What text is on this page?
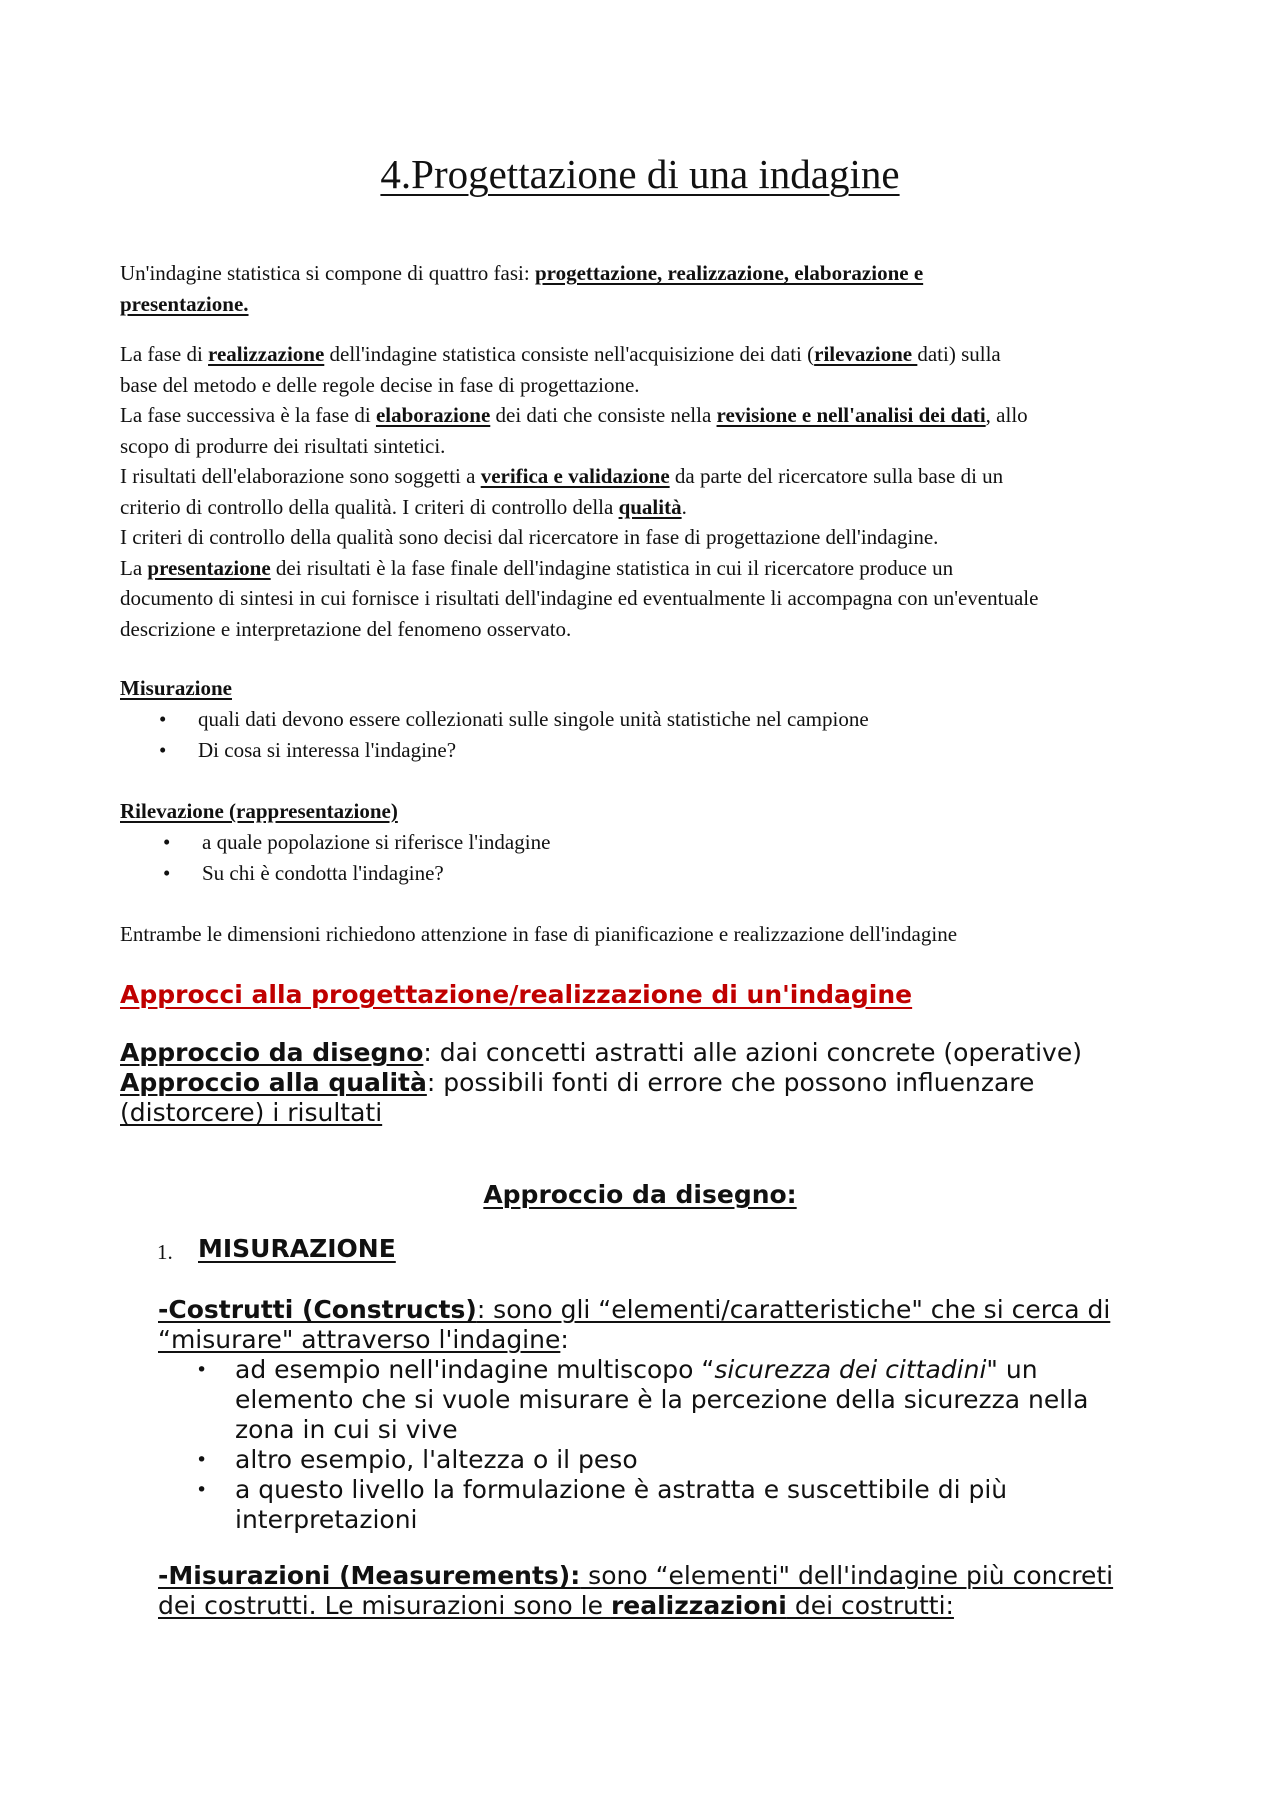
4.Progettazione di una indagine
Un'indagine statistica si compone di quattro fasi: progettazione, realizzazione, elaborazione e
presentazione.
La fase di realizzazione dell'indagine statistica consiste nell'acquisizione dei dati (rilevazione dati) sulla
base del metodo e delle regole decise in fase di progettazione.
La fase successiva è la fase di elaborazione dei dati che consiste nella revisione e nell'analisi dei dati, allo
scopo di produrre dei risultati sintetici.
I risultati dell'elaborazione sono soggetti a verifica e validazione da parte del ricercatore sulla base di un
criterio di controllo della qualità. I criteri di controllo della qualità.
I criteri di controllo della qualità sono decisi dal ricercatore in fase di progettazione dell'indagine.
La presentazione dei risultati è la fase finale dell'indagine statistica in cui il ricercatore produce un
documento di sintesi in cui fornisce i risultati dell'indagine ed eventualmente li accompagna con un'eventuale
descrizione e interpretazione del fenomeno osservato.
Misurazione
• quali dati devono essere collezionati sulle singole unità statistiche nel campione
• Di cosa si interessa l'indagine?
Rilevazione (rappresentazione)
• a quale popolazione si riferisce l'indagine
• Su chi è condotta l'indagine?
Entrambe le dimensioni richiedono attenzione in fase di pianificazione e realizzazione dell'indagine
Approcci alla progettazione/realizzazione di un'indagine
Approccio da disegno: dai concetti astratti alle azioni concrete (operative)
Approccio alla qualità: possibili fonti di errore che possono influenzare
(distorcere) i risultati
Approccio da disegno:
1. MISURAZIONE
-Costrutti (Constructs): sono gli “elementi/caratteristiche" che si cerca di
“misurare" attraverso l'indagine:
• ad esempio nell'indagine multiscopo “sicurezza dei cittadini" un
elemento che si vuole misurare è la percezione della sicurezza nella
zona in cui si vive
• altro esempio, l'altezza o il peso
• a questo livello la formulazione è astratta e suscettibile di più
interpretazioni
-Misurazioni (Measurements): sono “elementi" dell'indagine più concreti
dei costrutti. Le misurazioni sono le realizzazioni dei costrutti:
